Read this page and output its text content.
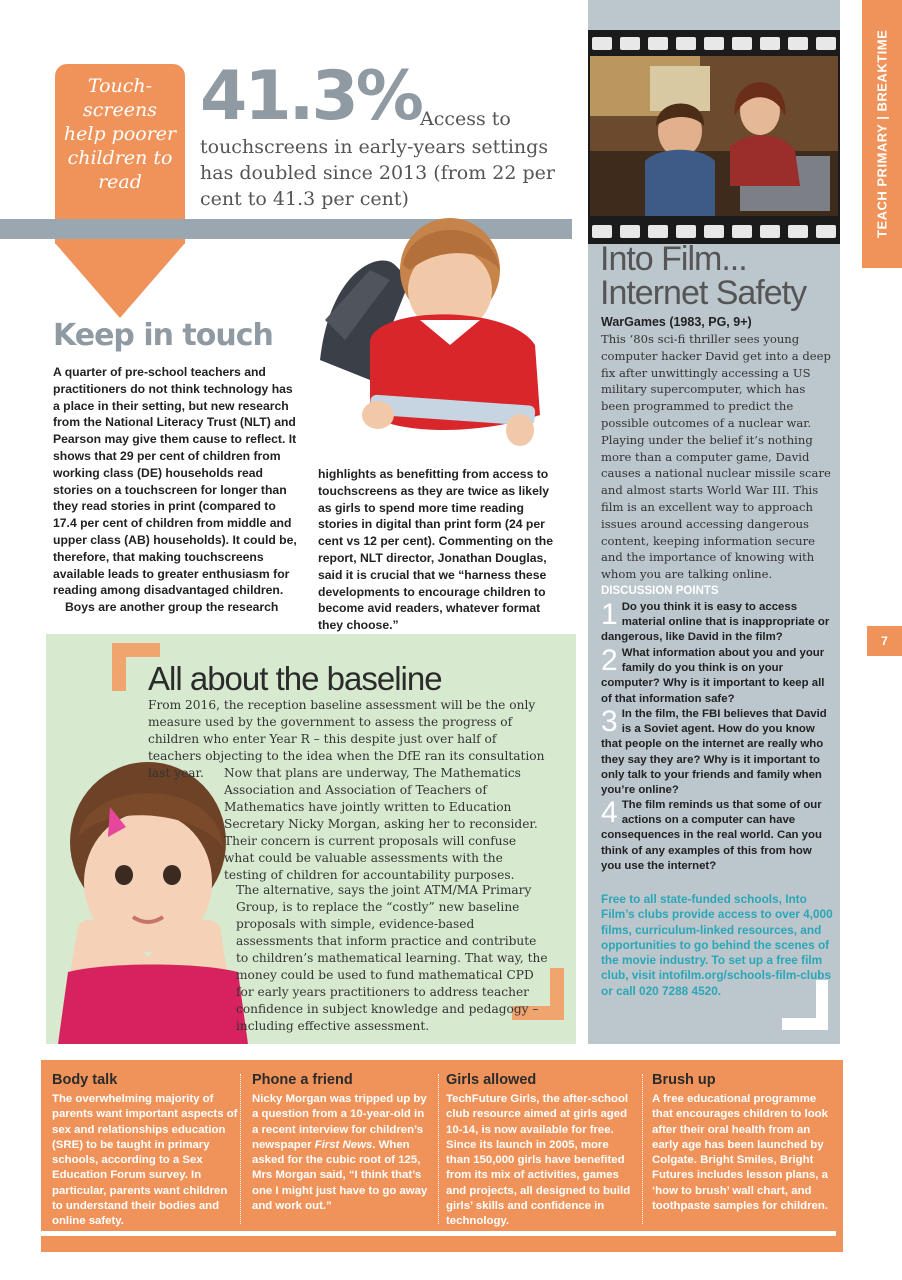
Touch-screens help poorer children to read
41.3% Access to
touchscreens in early-years settings has doubled since 2013 (from 22 per cent to 41.3 per cent)
Keep in touch
A quarter of pre-school teachers and practitioners do not think technology has a place in their setting, but new research from the National Literacy Trust (NLT) and Pearson may give them cause to reflect. It shows that 29 per cent of children from working class (DE) households read stories on a touchscreen for longer than they read stories in print (compared to 17.4 per cent of children from middle and upper class (AB) households). It could be, therefore, that making touchscreens available leads to greater enthusiasm for reading among disadvantaged children.
Boys are another group the research
highlights as benefitting from access to touchscreens as they are twice as likely as girls to spend more time reading stories in digital than print form (24 per cent vs 12 per cent). Commenting on the report, NLT director, Jonathan Douglas, said it is crucial that we “harness these developments to encourage children to become avid readers, whatever format they choose.”
Into Film... Internet Safety
WarGames (1983, PG, 9+)
This ‘80s sci-fi thriller sees young computer hacker David get into a deep fix after unwittingly accessing a US military supercomputer, which has been programmed to predict the possible outcomes of a nuclear war. Playing under the belief it’s nothing more than a computer game, David causes a national nuclear missile scare and almost starts World War III. This film is an excellent way to approach issues around accessing dangerous content, keeping information secure and the importance of knowing with whom you are talking online.
DISCUSSION POINTS
1 Do you think it is easy to access material online that is inappropriate or dangerous, like David in the film?
2 What information about you and your family do you think is on your computer? Why is it important to keep all of that information safe?
3 In the film, the FBI believes that David is a Soviet agent. How do you know that people on the internet are really who they say they are? Why is it important to only talk to your friends and family when you’re online?
4 The film reminds us that some of our actions on a computer can have consequences in the real world. Can you think of any examples of this from how you use the internet?
Free to all state-funded schools, Into Film’s clubs provide access to over 4,000 films, curriculum-linked resources, and opportunities to go behind the scenes of the movie industry. To set up a free film club, visit intofilm.org/schools-film-clubs or call 020 7288 4520.
TEACH PRIMARY | BREAKTIME
7
All about the baseline
From 2016, the reception baseline assessment will be the only measure used by the government to assess the progress of children who enter Year R – this despite just over half of teachers objecting to the idea when the DfE ran its consultation last year.	Now that plans are underway, The Mathematics Association and Association of Teachers of Mathematics have jointly written to Education Secretary Nicky Morgan, asking her to reconsider. Their concern is current proposals will confuse what could be valuable assessments with the testing of children for accountability purposes.
The alternative, says the joint ATM/MA Primary Group, is to replace the “costly” new baseline proposals with simple, evidence-based assessments that inform practice and contribute to children’s mathematical learning. That way, the money could be used to fund mathematical CPD for early years practitioners to address teacher confidence in subject knowledge and pedagogy – including effective assessment.
Body talk

The overwhelming majority of parents want important aspects of sex and relationships education (SRE) to be taught in primary schools, according to a Sex Education Forum survey. In particular, parents want children to understand their bodies and online safety.

Phone a friend

Nicky Morgan was tripped up by a question from a 10-year-old in a recent interview for children’s newspaper First News. When asked for the cubic root of 125, Mrs Morgan said, “I think that’s one I might just have to go away and work out.”

Girls allowed

TechFuture Girls, the after-school club resource aimed at girls aged 10-14, is now available for free. Since its launch in 2005, more than 150,000 girls have benefited from its mix of activities, games and projects, all designed to build girls’ skills and confidence in technology.

Brush up

A free educational programme that encourages children to look after their oral health from an early age has been launched by Colgate. Bright Smiles, Bright Futures includes lesson plans, a ‘how to brush’ wall chart, and toothpaste samples for children.
